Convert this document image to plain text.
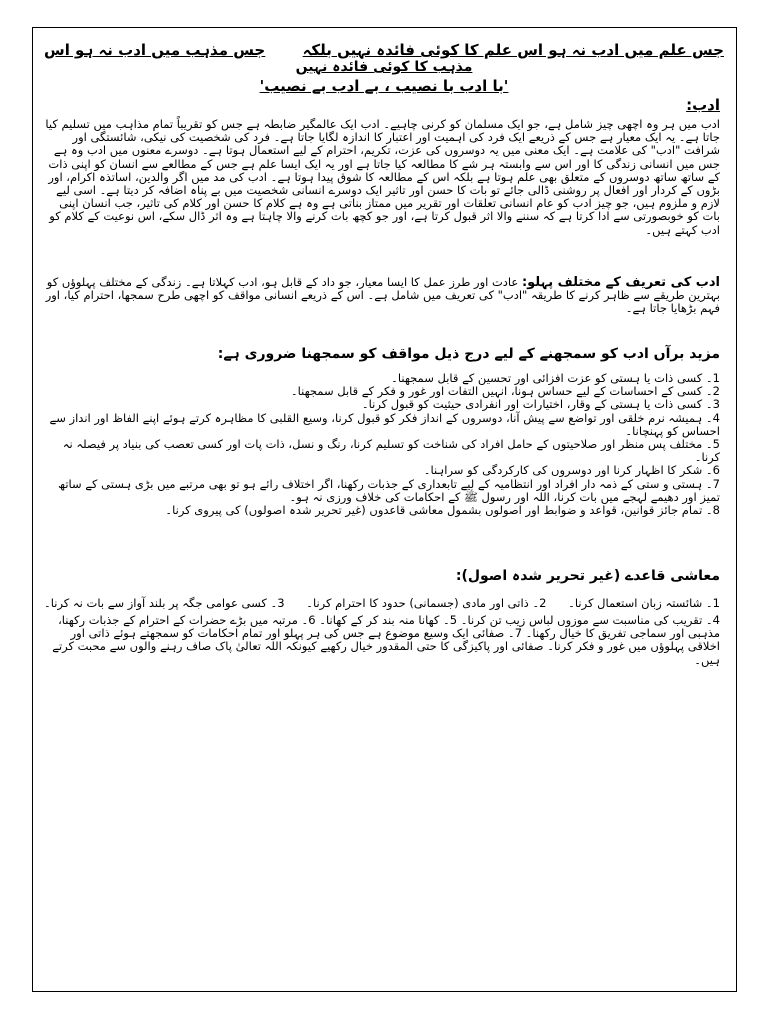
جس علم میں ادب نہ ہو اس علم کا کوئی فائدہ نہیں بلکہ
جس مذہب میں ادب نہ ہو اس
مذہب کا کوئی فائدہ نہیں
'با ادب با نصیب ، بے ادب بے نصیب'
ادب:
ادب میں ہر وہ اچھی چیز شامل ہے، جو ایک مسلمان کو کرنی چاہیے۔ ادب ایک عالمگیر ضابطہ ہے جس کو تقریباً تمام مذاہب میں تسلیم کیا جاتا ہے۔ یہ ایک معیار ہے جس کے ذریعے ایک فرد کی اہمیت اور اعتبار کا اندازہ لگایا جاتا ہے۔ فرد کی شخصیت کی نیکی، شائستگی اور شرافت "ادب" کی علامت ہے۔ ایک معنی میں یہ دوسروں کی عزت، تکریم، احترام کے لیے استعمال ہوتا ہے۔ دوسرے معنوں میں ادب وہ ہے جس میں انسانی زندگی کا اور اس سے وابستہ ہر شے کا مطالعہ کیا جاتا ہے اور یہ ایک ایسا علم ہے جس کے مطالعے سے انسان کو اپنی ذات کے ساتھ ساتھ دوسروں کے متعلق بھی علم ہوتا ہے بلکہ اس کے مطالعہ کا شوق پیدا ہوتا ہے۔ ادب کی مد میں اگر والدین، اساتذہ اکرام، اور بڑوں کے کردار اور افعال پر روشنی ڈالی جائے تو بات کا حسن اور تاثیر ایک دوسرے انسانی شخصیت میں بے پناہ اضافہ کر دیتا ہے۔ اسی لیے لازم و ملزوم ہیں، جو چیز ادب کو عام انسانی تعلقات اور تقریر میں ممتاز بناتی ہے وہ ہے کلام کا حسن اور کلام کی تاثیر، جب انسان اپنی بات کو خوبصورتی سے ادا کرتا ہے کہ سننے والا اثر قبول کرتا ہے، اور جو کچھ بات کرنے والا چاہتا ہے وہ اثر ڈال سکے، اس نوعیت کے کلام کو ادب کہتے ہیں۔
ادب کی تعریف کے مختلف پہلو: عادت اور طرز عمل کا ایسا معیار، جو داد کے قابل ہو، ادب کہلاتا ہے۔ زندگی کے مختلف پہلوؤں کو بہترین طریقے سے ظاہر کرنے کا طریقہ "ادب" کی تعریف میں شامل ہے۔ اس کے ذریعے انسانی مواقف کو اچھی طرح سمجھا، احترام کیا، اور فہم بڑھایا جاتا ہے۔
مزید برآں ادب کو سمجھنے کے لیے درج ذیل مواقف کو سمجھنا ضروری ہے:
1۔ کسی ذات یا ہستی کو عزت افزائی اور تحسین کے قابل سمجھنا۔
2۔ کسی کے احساسات کے لیے حساس ہونا، انہیں التفات اور غور و فکر کے قابل سمجھنا۔
3۔ کسی ذات یا ہستی کے وقار، اختیارات اور انفرادی حیثیت کو قبول کرنا۔
4۔ ہمیشہ نرم خلقی اور تواضع سے پیش آنا، دوسروں کے انداز فکر کو قبول کرنا، وسیع القلبی کا مظاہرہ کرتے ہوئے اپنے الفاظ اور انداز سے احساس کو پہنچانا۔
5۔ مختلف پس منظر اور صلاحیتوں کے حامل افراد کی شناخت کو تسلیم کرنا، رنگ و نسل، ذات پات اور کسی تعصب کی بنیاد پر فیصلہ نہ کرنا۔
6۔ شکر کا اظہار کرنا اور دوسروں کی کارکردگی کو سراہنا۔
7۔ ہستی و ستی کے ذمہ دار افراد اور انتظامیہ کے لیے تابعداری کے جذبات رکھنا، اگر اختلاف رائے ہو تو بھی مرتبے میں بڑی ہستی کے ساتھ تمیز اور دھیمے لہجے میں بات کرنا، اللہ اور رسول ﷺ کے احکامات کی خلاف ورزی نہ ہو۔
8۔ تمام جائز قوانین، قواعد و ضوابط اور اصولوں بشمول معاشی قاعدوں (غیر تحریر شدہ اصولوں) کی پیروی کرنا۔
معاشی قاعدے (غیر تحریر شدہ اصول):
1۔ شائستہ زبان استعمال کرنا۔
2۔ ذاتی اور مادی (جسمانی) حدود کا احترام کرنا۔
3۔ کسی عوامی جگہ پر بلند آواز سے بات نہ کرنا۔
4۔ تقریب کی مناسبت سے موزوں لباس زیب تن کرنا۔ 5۔ کھانا منہ بند کر کے کھانا۔ 6۔ مرتبہ میں بڑے حضرات کے احترام کے جذبات رکھنا، مذہبی اور سماجی تفریق کا خیال رکھنا۔ 7۔ صفائی ایک وسیع موضوع ہے جس کی ہر پہلو اور تمام احکامات کو سمجھتے ہوئے ذاتی اور اخلاقی پہلوؤں میں غور و فکر کرنا۔ صفائی اور پاکیزگی کا حتی المقدور خیال رکھیے کیونکہ اللہ تعالیٰ پاک صاف رہنے والوں سے محبت کرتے ہیں۔
